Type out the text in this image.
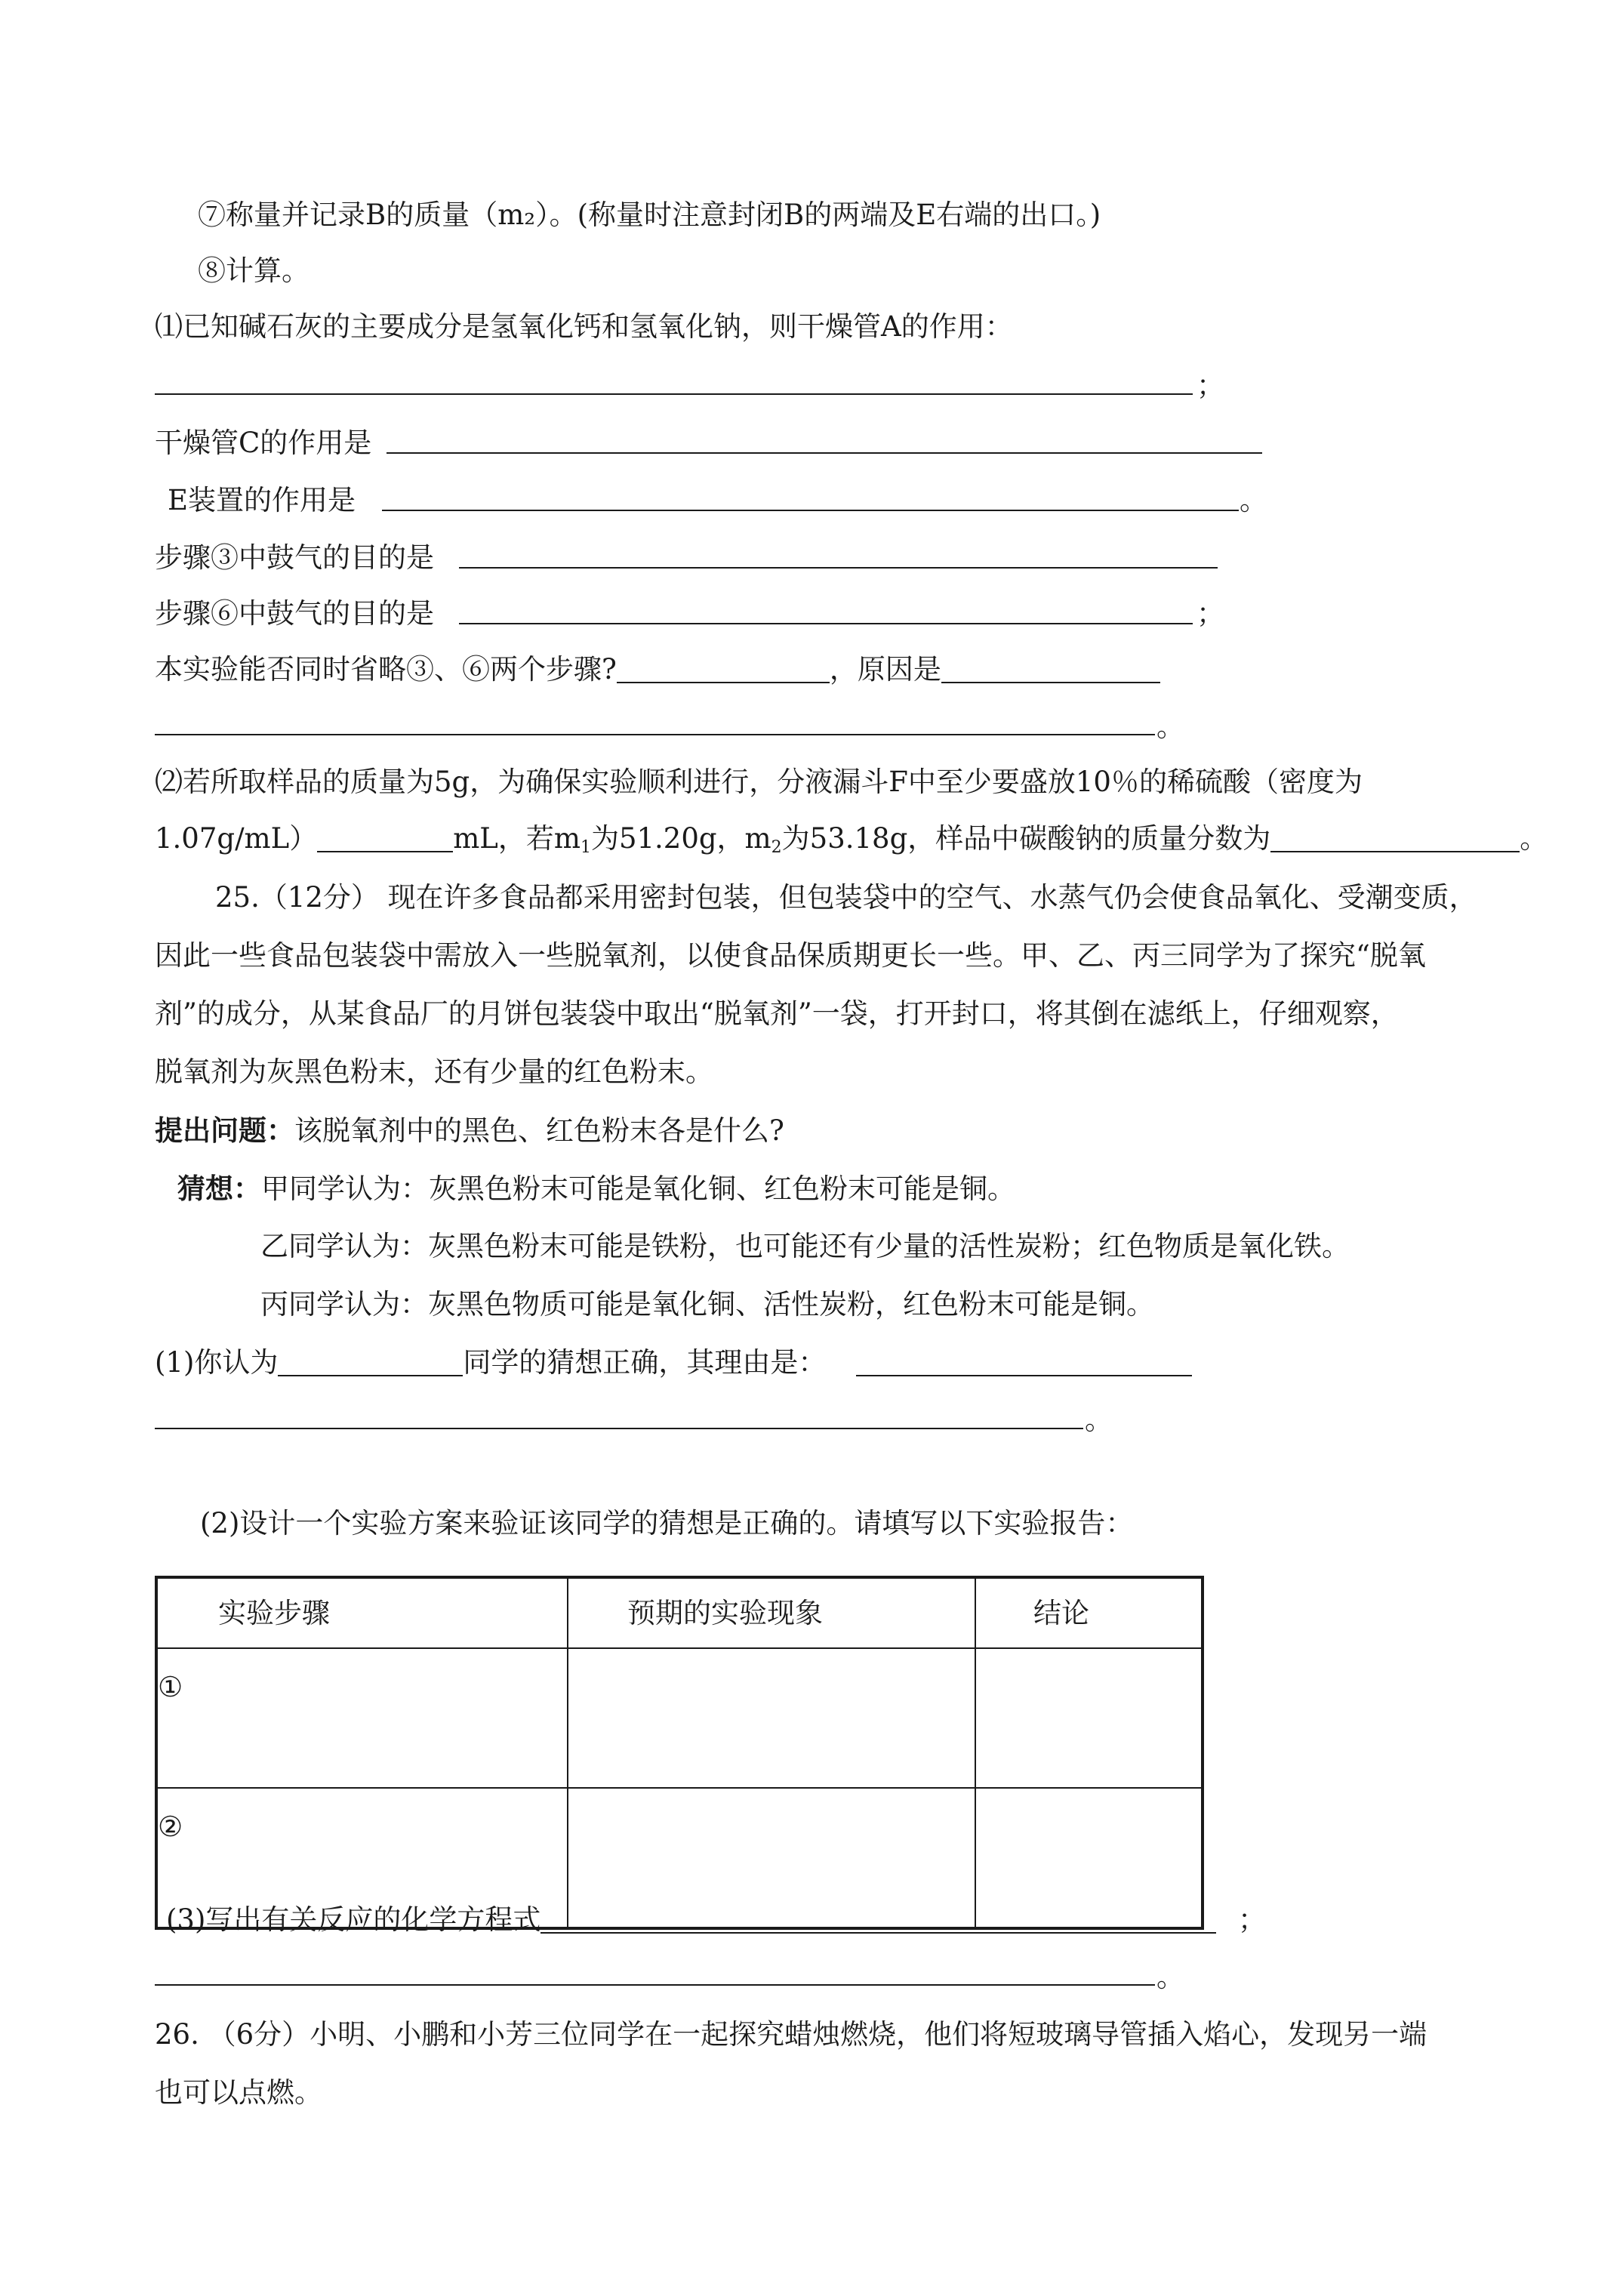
⑦称量并记录B的质量（m₂）。(称量时注意封闭B的两端及E右端的出口。)
⑧计算。
⑴已知碱石灰的主要成分是氢氧化钙和氢氧化钠，则干燥管A的作用：
；
干燥管C的作用是
E装置的作用是	。
步骤③中鼓气的目的是
步骤⑥中鼓气的目的是	；
本实验能否同时省略③、⑥两个步骤?	，原因是
。
⑵若所取样品的质量为5g，为确保实验顺利进行，分液漏斗F中至少要盛放10％的稀硫酸（密度为
1.07g/mL）	mL，若$m_1$为51.20g，$m_2$为53.18g，样品中碳酸钠的质量分数为	。
25.（12分） 现在许多食品都采用密封包装，但包装袋中的空气、水蒸气仍会使食品氧化、受潮变质，
因此一些食品包装袋中需放入一些脱氧剂，以使食品保质期更长一些。甲、乙、丙三同学为了探究“脱氧
剂”的成分，从某食品厂的月饼包装袋中取出“脱氧剂”一袋，打开封口，将其倒在滤纸上，仔细观察，
脱氧剂为灰黑色粉末，还有少量的红色粉末。
提出问题：该脱氧剂中的黑色、红色粉末各是什么?
猜想：甲同学认为：灰黑色粉末可能是氧化铜、红色粉末可能是铜。
乙同学认为：灰黑色粉末可能是铁粉，也可能还有少量的活性炭粉；红色物质是氧化铁。
丙同学认为：灰黑色物质可能是氧化铜、活性炭粉，红色粉末可能是铜。
(1)你认为	同学的猜想正确，其理由是：
。
(2)设计一个实验方案来验证该同学的猜想是正确的。请填写以下实验报告：
实验步骤	预期的实验现象	结论
①		
②		
(3)写出有关反应的化学方程式	；
。
26. （6分）小明、小鹏和小芳三位同学在一起探究蜡烛燃烧，他们将短玻璃导管插入焰心，发现另一端
也可以点燃。
